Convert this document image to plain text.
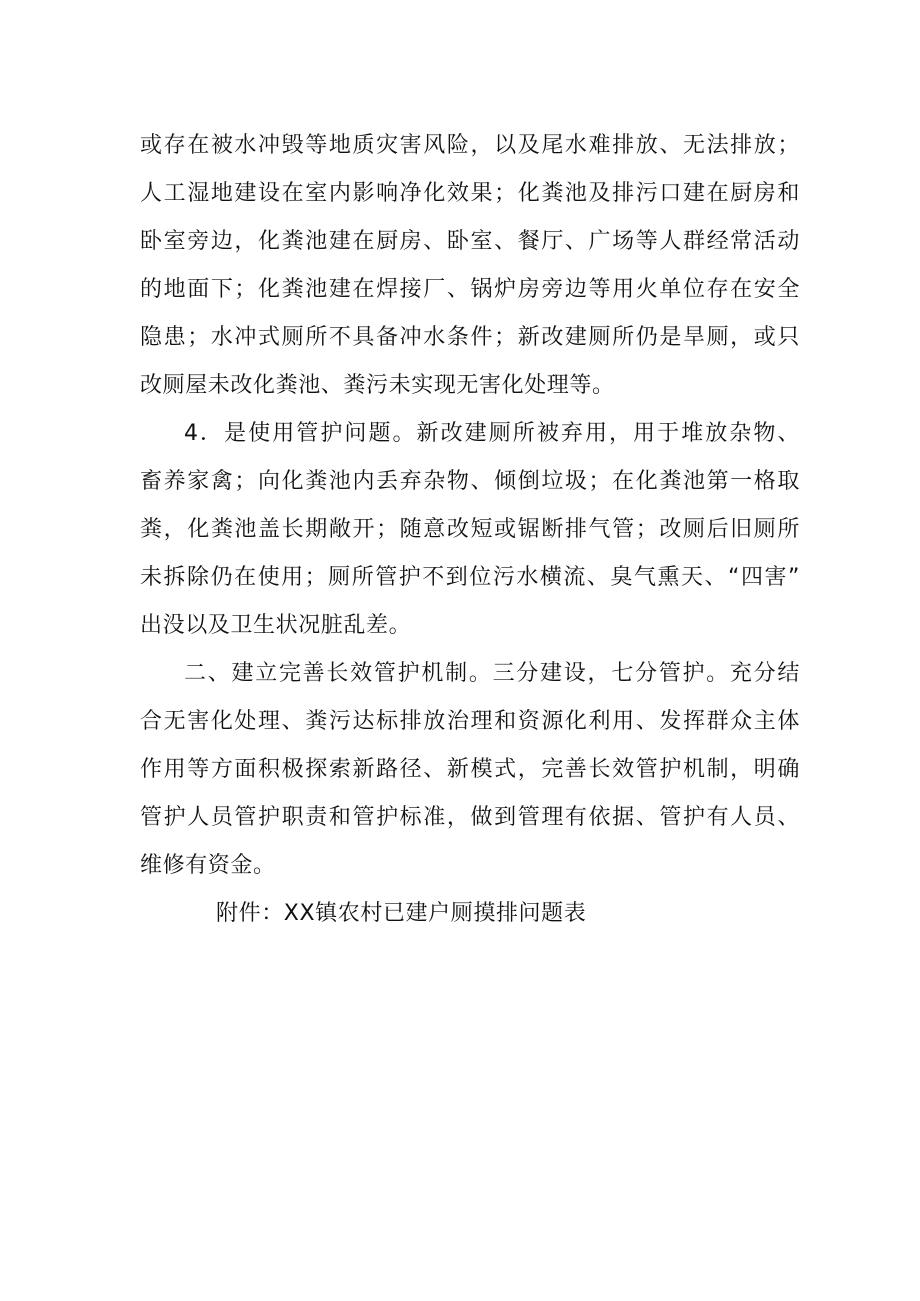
或存在被水冲毁等地质灾害风险，以及尾水难排放、无法排放；
人工湿地建设在室内影响净化效果；化粪池及排污口建在厨房和
卧室旁边，化粪池建在厨房、卧室、餐厅、广场等人群经常活动
的地面下；化粪池建在焊接厂、锅炉房旁边等用火单位存在安全
隐患；水冲式厕所不具备冲水条件；新改建厕所仍是旱厕，或只
改厕屋未改化粪池、粪污未实现无害化处理等。
4．是使用管护问题。新改建厕所被弃用，用于堆放杂物、
畜养家禽；向化粪池内丢弃杂物、倾倒垃圾；在化粪池第一格取
粪，化粪池盖长期敞开；随意改短或锯断排气管；改厕后旧厕所
未拆除仍在使用；厕所管护不到位污水横流、臭气熏天、“四害”
出没以及卫生状况脏乱差。
二、建立完善长效管护机制。三分建设，七分管护。充分结
合无害化处理、粪污达标排放治理和资源化利用、发挥群众主体
作用等方面积极探索新路径、新模式，完善长效管护机制，明确
管护人员管护职责和管护标准，做到管理有依据、管护有人员、
维修有资金。
附件：XX镇农村已建户厕摸排问题表
